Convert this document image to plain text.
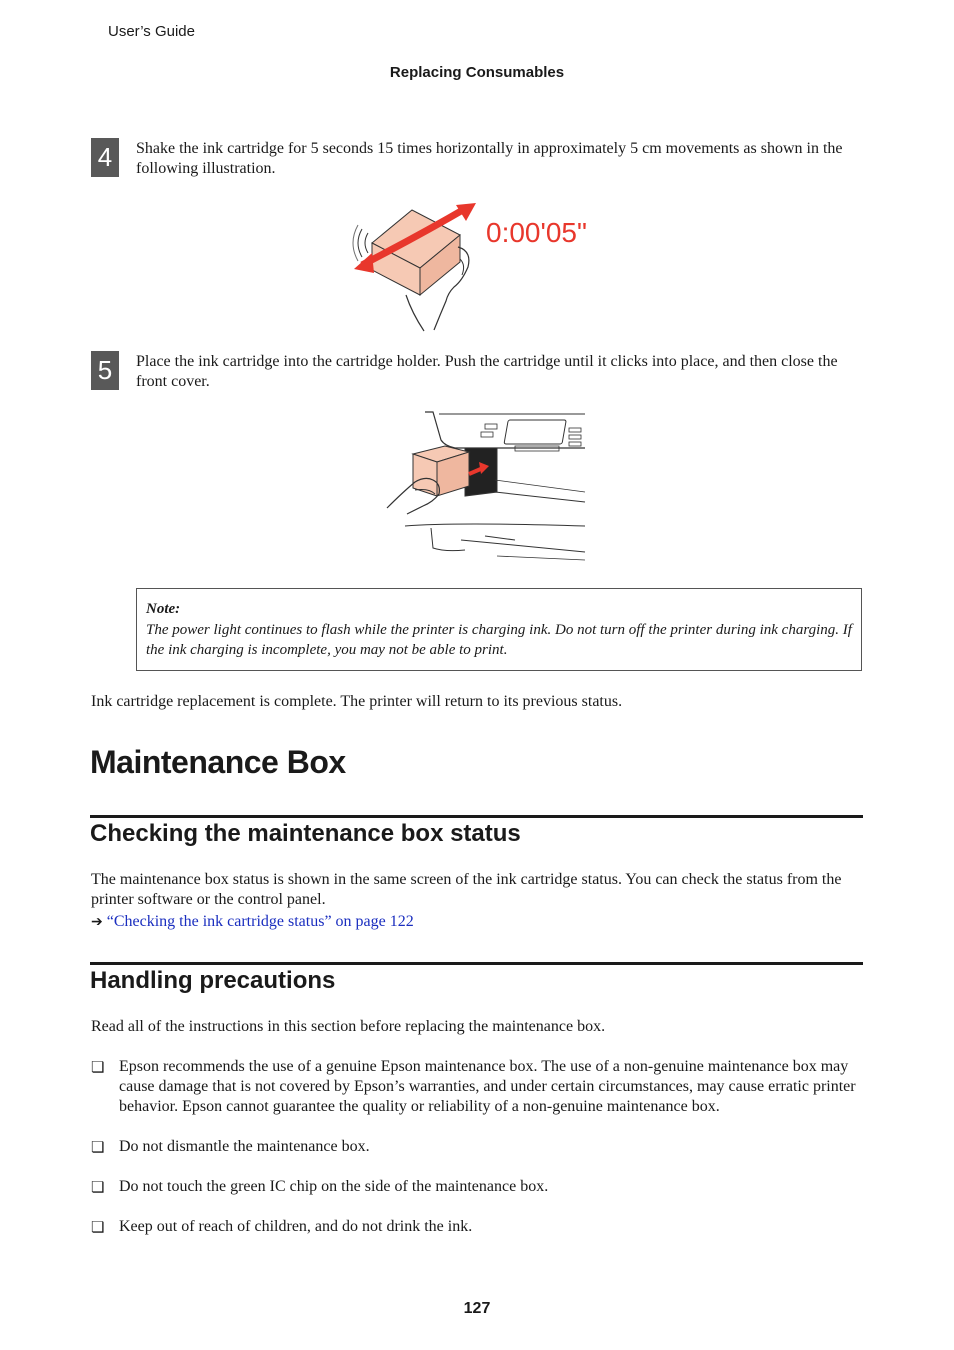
User’s Guide
Replacing Consumables
4	Shake the ink cartridge for 5 seconds 15 times horizontally in approximately 5 cm movements as shown in the following illustration.
0:00'05"
5	Place the ink cartridge into the cartridge holder. Push the cartridge until it clicks into place, and then close the front cover.
Note:
The power light continues to flash while the printer is charging ink. Do not turn off the printer during ink charging. If the ink charging is incomplete, you may not be able to print.
Ink cartridge replacement is complete. The printer will return to its previous status.
Maintenance Box
Checking the maintenance box status
The maintenance box status is shown in the same screen of the ink cartridge status. You can check the status from the printer software or the control panel.
➔ “Checking the ink cartridge status” on page 122
Handling precautions
Read all of the instructions in this section before replacing the maintenance box.
❏ Epson recommends the use of a genuine Epson maintenance box. The use of a non-genuine maintenance box may cause damage that is not covered by Epson’s warranties, and under certain circumstances, may cause erratic printer behavior. Epson cannot guarantee the quality or reliability of a non-genuine maintenance box.
❏ Do not dismantle the maintenance box.
❏ Do not touch the green IC chip on the side of the maintenance box.
❏ Keep out of reach of children, and do not drink the ink.
127
